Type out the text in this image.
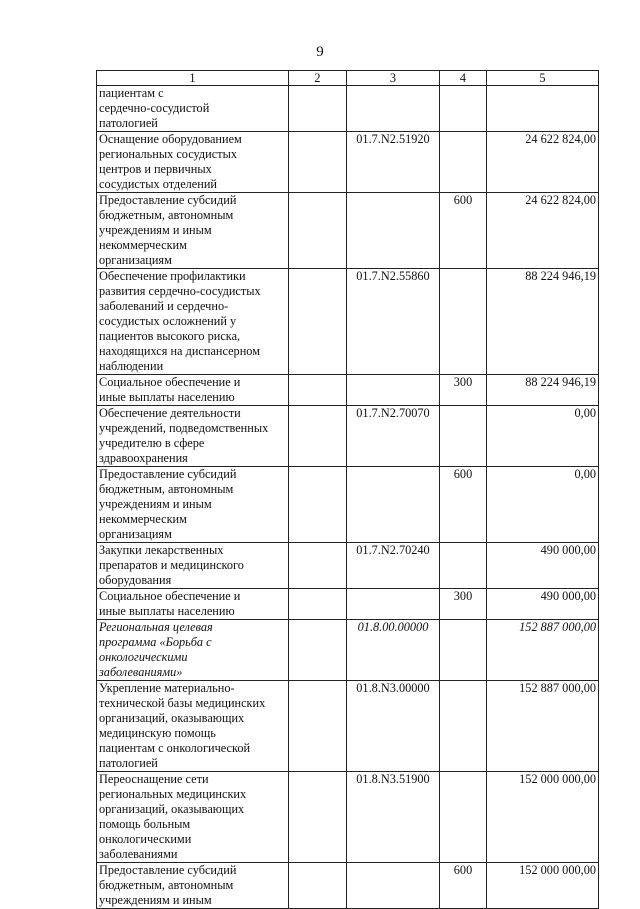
9
1	2	3	4	5

пациентам с сердечно-сосудистой патологией				

Оснащение оборудованием региональных сосудистых центров и первичных сосудистых отделений		01.7.N2.51920		24 622 824,00

Предоставление субсидий бюджетным, автономным учреждениям и иным некоммерческим организациям			600	24 622 824,00

Обеспечение профилактики развития сердечно-сосудистых заболеваний и сердечно-сосудистых осложнений у пациентов высокого риска, находящихся на диспансерном наблюдении		01.7.N2.55860		88 224 946,19

Социальное обеспечение и иные выплаты населению			300	88 224 946,19

Обеспечение деятельности учреждений, подведомственных учредителю в сфере здравоохранения		01.7.N2.70070		0,00

Предоставление субсидий бюджетным, автономным учреждениям и иным некоммерческим организациям			600	0,00

Закупки лекарственных препаратов и медицинского оборудования		01.7.N2.70240		490 000,00

Социальное обеспечение и иные выплаты населению			300	490 000,00

Региональная целевая программа «Борьба с онкологическими заболеваниями»		01.8.00.00000		152 887 000,00

Укрепление материально-технической базы медицинских организаций, оказывающих медицинскую помощь пациентам с онкологической патологией		01.8.N3.00000		152 887 000,00

Переоснащение сети региональных медицинских организаций, оказывающих помощь больным онкологическими заболеваниями		01.8.N3.51900		152 000 000,00

Предоставление субсидий бюджетным, автономным учреждениям и иным			600	152 000 000,00
